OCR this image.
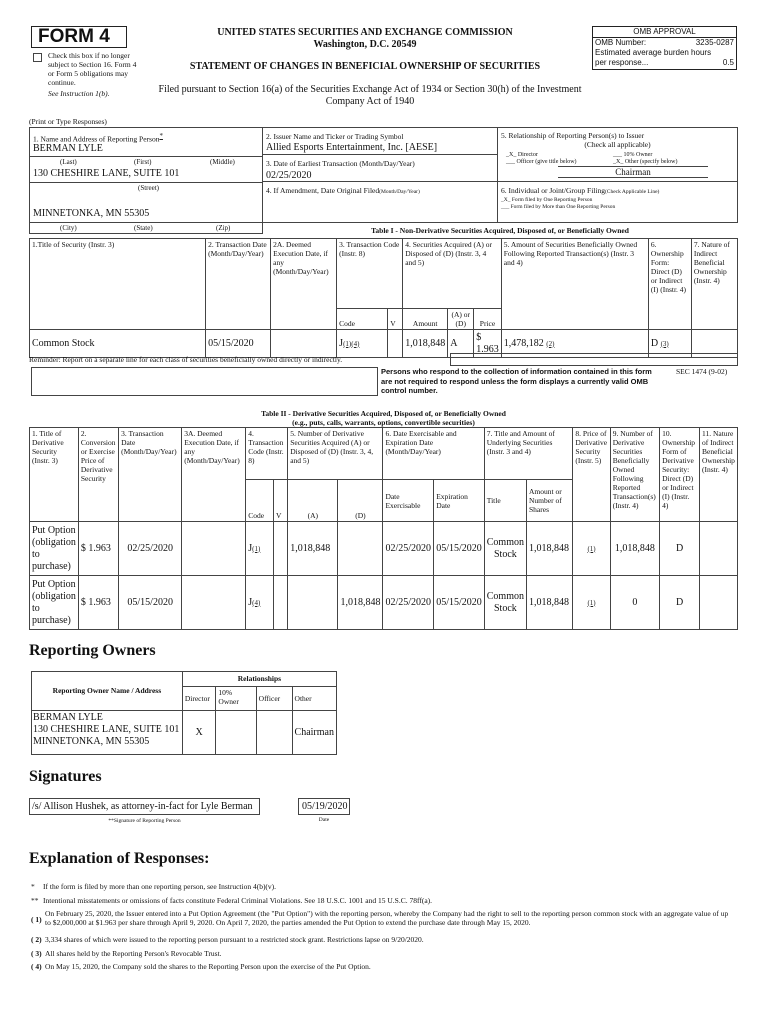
FORM 4
Check this box if no longer subject to Section 16. Form 4 or Form 5 obligations may continue.
See Instruction 1(b).
UNITED STATES SECURITIES AND EXCHANGE COMMISSION
Washington, D.C. 20549
STATEMENT OF CHANGES IN BENEFICIAL OWNERSHIP OF SECURITIES
Filed pursuant to Section 16(a) of the Securities Exchange Act of 1934 or Section 30(h) of the Investment Company Act of 1940
OMB APPROVAL
OMB Number:	3235-0287
Estimated average burden hours per response...	0.5
(Print or Type Responses)
1. Name and Address of Reporting Person*
BERMAN LYLE
(Last)	(First)	(Middle)
130 CHESHIRE LANE, SUITE 101
(Street)
MINNETONKA, MN 55305
(City)	(State)	(Zip)
2. Issuer Name and Ticker or Trading Symbol
Allied Esports Entertainment, Inc. [AESE]
3. Date of Earliest Transaction (Month/Day/Year)
02/25/2020
4. If Amendment, Date Original Filed(Month/Day/Year)
5. Relationship of Reporting Person(s) to Issuer
(Check all applicable)
_X_ Director	___ 10% Owner
___ Officer (give title below)	_X_ Other (specify below)
Chairman
6. Individual or Joint/Group Filing(Check Applicable Line)
_X_ Form filed by One Reporting Person
___ Form filed by More than One Reporting Person
Table I - Non-Derivative Securities Acquired, Disposed of, or Beneficially Owned
1.Title of Security (Instr. 3)	2. Transaction Date (Month/Day/Year)	2A. Deemed Execution Date, if any (Month/Day/Year)	3. Transaction Code (Instr. 8)		4. Securities Acquired (A) or Disposed of (D) (Instr. 3, 4 and 5)			5. Amount of Securities Beneficially Owned Following Reported Transaction(s) (Instr. 3 and 4)	6. Ownership Form: Direct (D) or Indirect (I) (Instr. 4)	7. Nature of Indirect Beneficial Ownership (Instr. 4)
			Code	V	Amount	(A) or (D)	Price			
Common Stock	05/15/2020		J(1)(4)		1,018,848	A	$ 1.963	1,478,182 (2)	D (3)	
Reminder: Report on a separate line for each class of securities beneficially owned directly or indirectly.
Persons who respond to the collection of information contained in this form are not required to respond unless the form displays a currently valid OMB control number.
SEC 1474 (9-02)
Table II - Derivative Securities Acquired, Disposed of, or Beneficially Owned
(e.g., puts, calls, warrants, options, convertible securities)
1. Title of Derivative Security (Instr. 3)	2. Conversion or Exercise Price of Derivative Security	3. Transaction Date (Month/Day/Year)	3A. Deemed Execution Date, if any (Month/Day/Year)	4. Transaction Code (Instr. 8)		5. Number of Derivative Securities Acquired (A) or Disposed of (D) (Instr. 3, 4, and 5)		6. Date Exercisable and Expiration Date (Month/Day/Year)		7. Title and Amount of Underlying Securities (Instr. 3 and 4)		8. Price of Derivative Security (Instr. 5)	9. Number of Derivative Securities Beneficially Owned Following Reported Transaction(s) (Instr. 4)	10. Ownership Form of Derivative Security: Direct (D) or Indirect (I) (Instr. 4)	11. Nature of Indirect Beneficial Ownership (Instr. 4)
				Code	V	(A)	(D)	Date Exercisable	Expiration Date	Title	Amount or Number of Shares				
Put Option (obligation to purchase)	$ 1.963	02/25/2020		J(1)		1,018,848		02/25/2020	05/15/2020	Common Stock	1,018,848	(1)	1,018,848	D	
Put Option (obligation to purchase)	$ 1.963	05/15/2020		J(4)			1,018,848	02/25/2020	05/15/2020	Common Stock	1,018,848	(1)	0	D	
Reporting Owners
Reporting Owner Name / Address	Relationships			
	Director	10% Owner	Officer	Other

BERMAN LYLE
130 CHESHIRE LANE, SUITE 101
MINNETONKA, MN 55305	X			Chairman
Signatures
/s/ Allison Hushek, as attorney-in-fact for Lyle Berman	05/19/2020
**Signature of Reporting Person	Date
Explanation of Responses:
* If the form is filed by more than one reporting person, see Instruction 4(b)(v).
** Intentional misstatements or omissions of facts constitute Federal Criminal Violations. See 18 U.S.C. 1001 and 15 U.S.C. 78ff(a).
( 1)
On February 25, 2020, the Issuer entered into a Put Option Agreement (the "Put Option") with the reporting person, whereby the Company had the right to sell to the reporting person common stock with an aggregate value of up to $2,000,000 at $1.963 per share through April 9, 2020. On April 7, 2020, the parties amended the Put Option to extend the purchase date through May 15, 2020.
( 2) 3,334 shares of which were issued to the reporting person pursuant to a restricted stock grant. Restrictions lapse on 9/20/2020.
( 3) All shares held by the Reporting Person's Revocable Trust.
( 4) On May 15, 2020, the Company sold the shares to the Reporting Person upon the exercise of the Put Option.
